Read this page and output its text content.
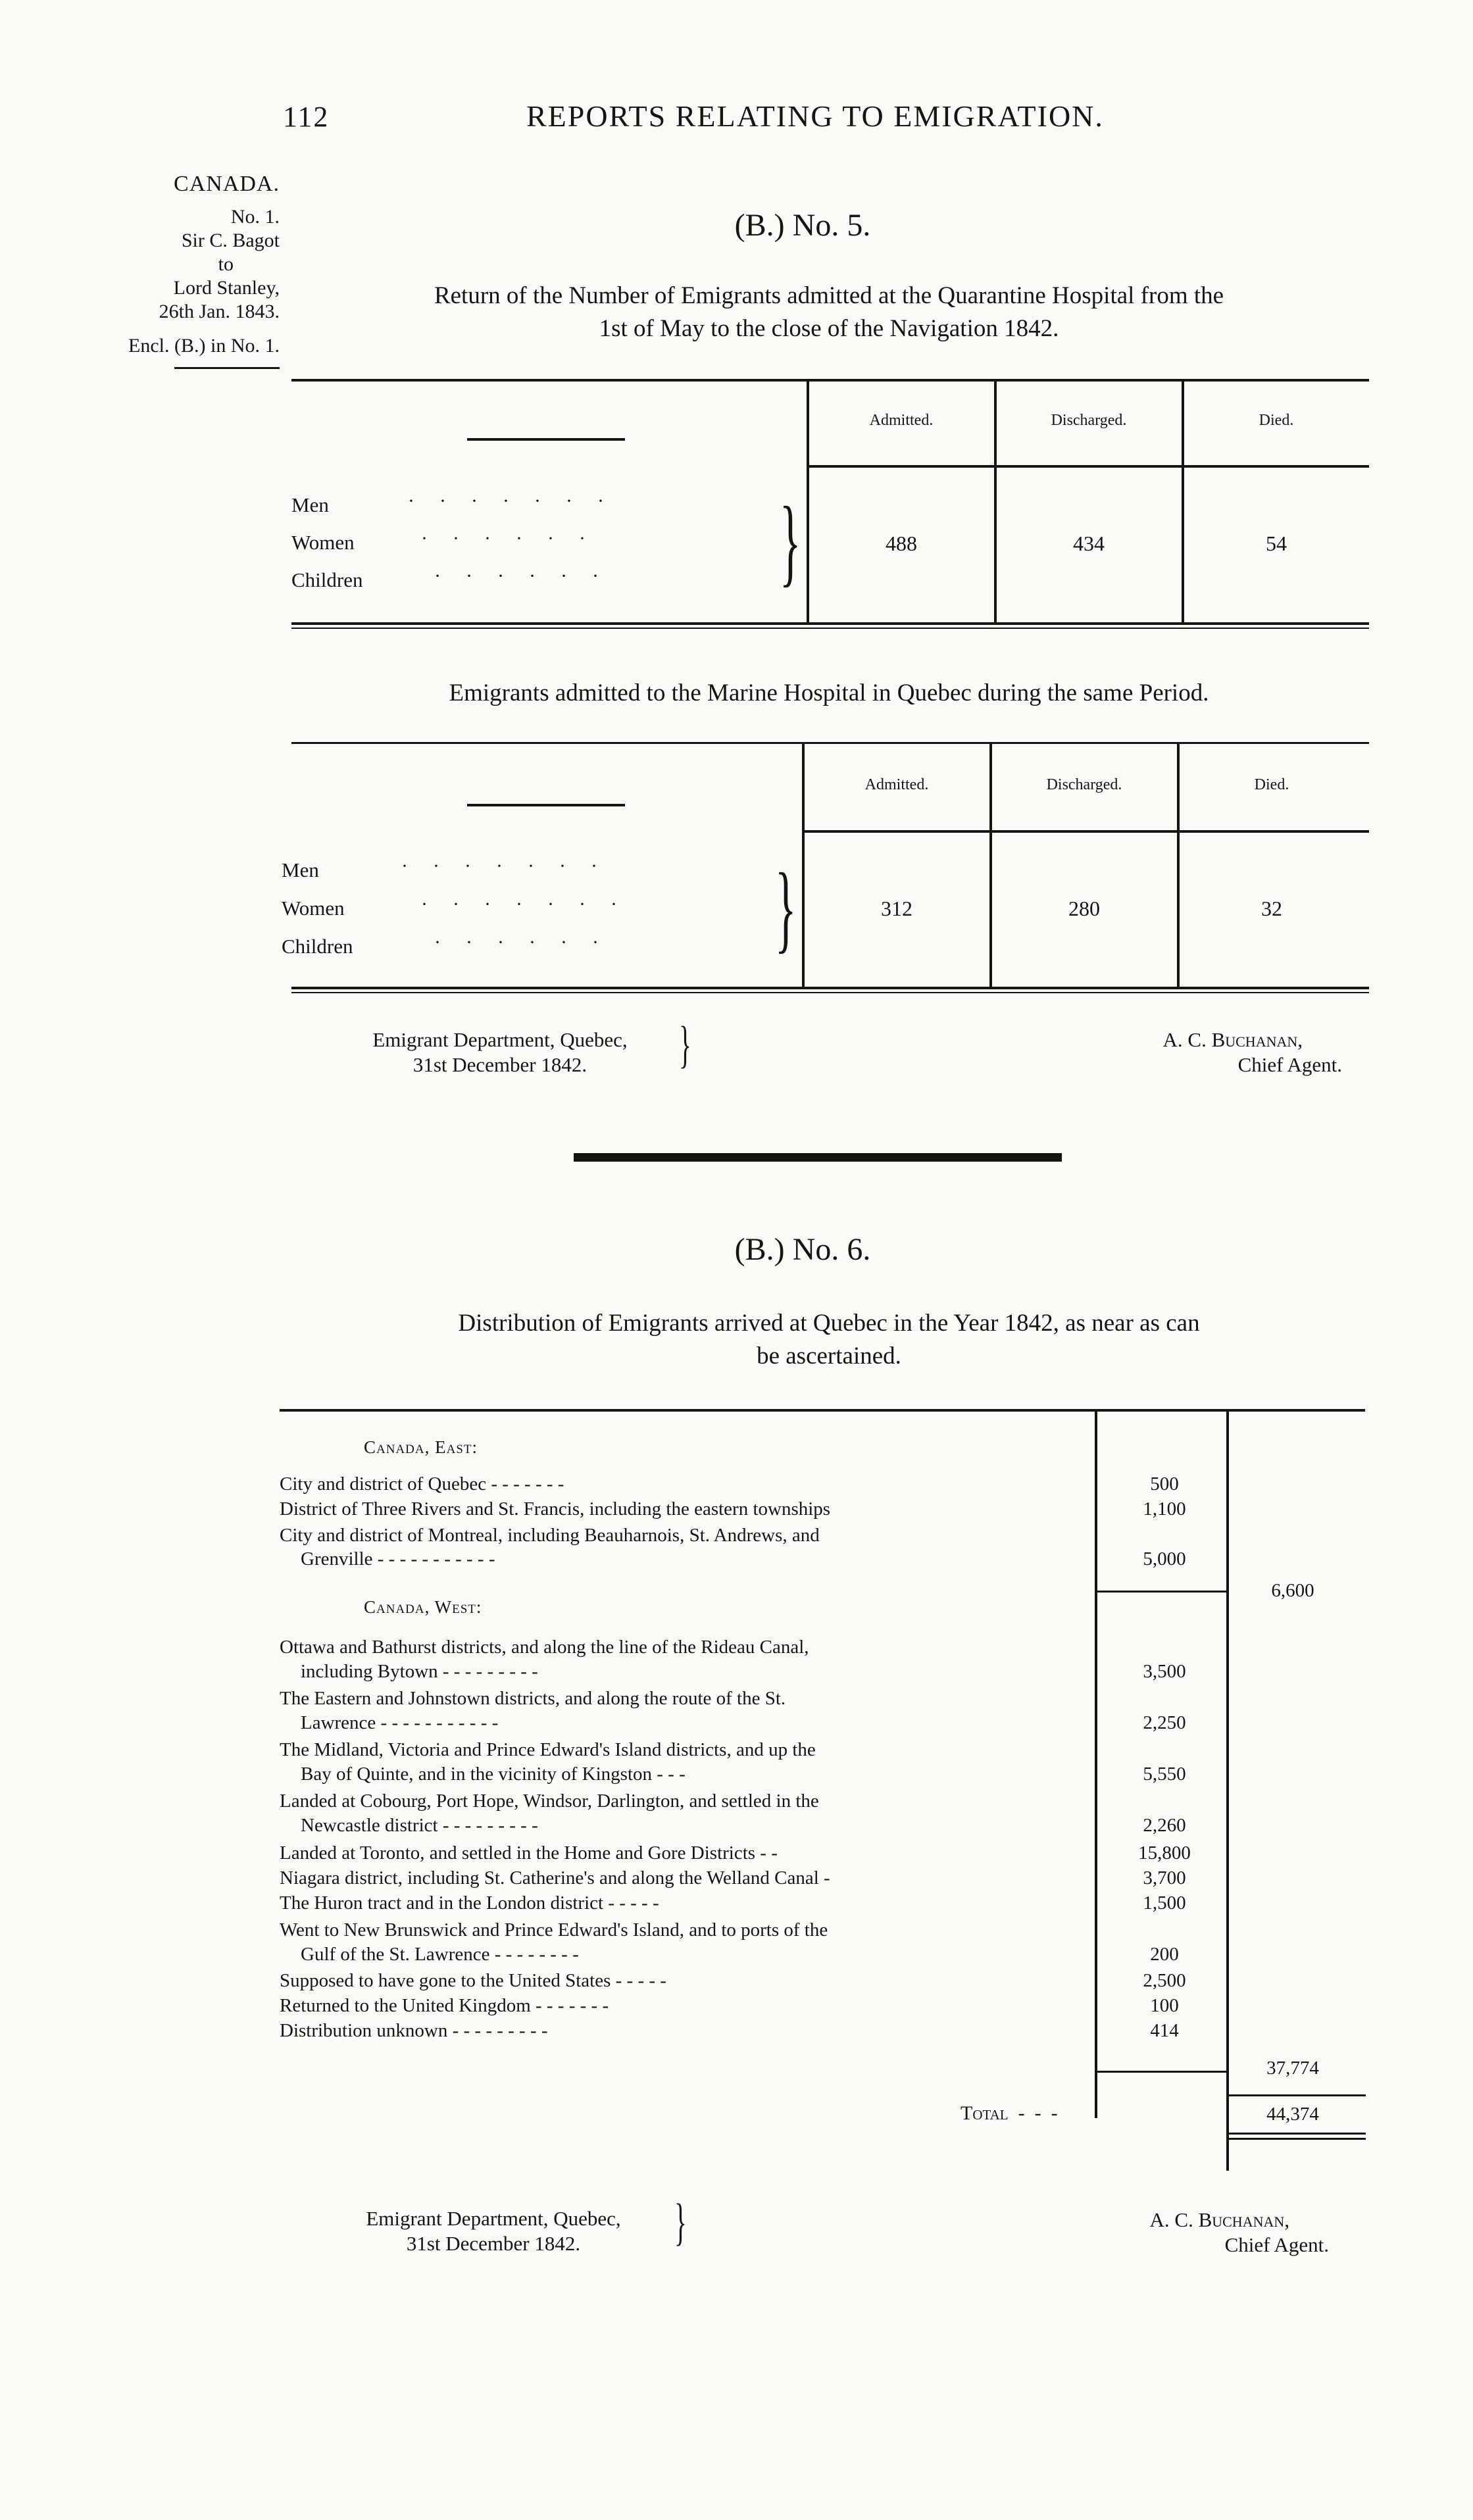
112	REPORTS RELATING TO EMIGRATION.
CANADA.
No. 1.
Sir C. Bagot
to
Lord Stanley,
26th Jan. 1843.
Encl. (B.) in No. 1.
(B.) No. 5.
Return of the Number of Emigrants admitted at the Quarantine Hospital from the
1st of May to the close of the Navigation 1842.
Admitted.	Discharged.	Died.
Men
Women
Children
·······
······
······ }	488	434	54
Emigrants admitted to the Marine Hospital in Quebec during the same Period.
Admitted.	Discharged.	Died.
Men
Women
Children
·······
·······
······ }	312	280	32
Emigrant Department, Quebec,
31st December 1842.	}	A. C. Buchanan,
Chief Agent.
(B.) No. 6.
Distribution of Emigrants arrived at Quebec in the Year 1842, as near as can
be ascertained.
Canada, East:
City and district of Quebec - - - - - - -	500
District of Three Rivers and St. Francis, including the eastern townships	1,100
City and district of Montreal, including Beauharnois, St. Andrews, and
Grenville - - - - - - - - - - -	5,000
6,600
Canada, West:
Ottawa and Bathurst districts, and along the line of the Rideau Canal,
including Bytown - - - - - - - - -	3,500
The Eastern and Johnstown districts, and along the route of the St.
Lawrence - - - - - - - - - - -	2,250
The Midland, Victoria and Prince Edward's Island districts, and up the
Bay of Quinte, and in the vicinity of Kingston - - -	5,550
Landed at Cobourg, Port Hope, Windsor, Darlington, and settled in the
Newcastle district - - - - - - - - -	2,260
Landed at Toronto, and settled in the Home and Gore Districts - -	15,800
Niagara district, including St. Catherine's and along the Welland Canal -	3,700
The Huron tract and in the London district - - - - -	1,500
Went to New Brunswick and Prince Edward's Island, and to ports of the
Gulf of the St. Lawrence - - - - - - - -	200
Supposed to have gone to the United States - - - - -	2,500
Returned to the United Kingdom - - - - - - -	100
Distribution unknown - - - - - - - - -	414
37,774
Total  -  -  -	44,374
Emigrant Department, Quebec,
31st December 1842.	}	A. C. Buchanan,
Chief Agent.
